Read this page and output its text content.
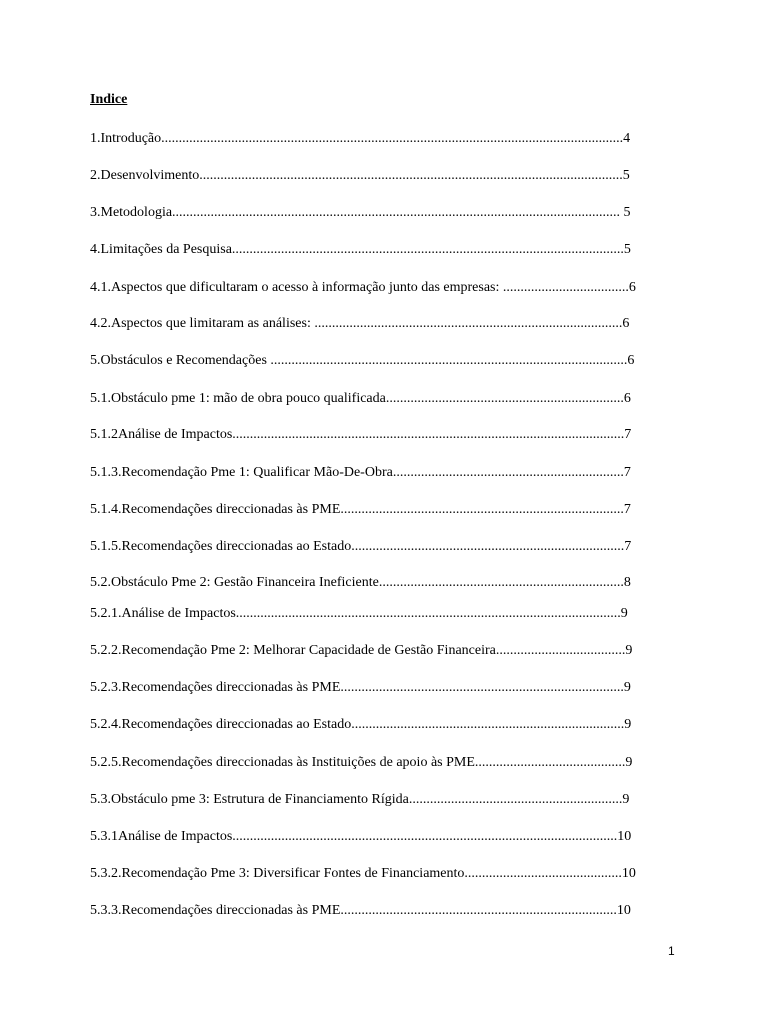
Indice
1.Introdução....................................................................................................................................4
2.Desenvolvimento.........................................................................................................................5
3.Metodologia................................................................................................................................ 5
4.Limitações da Pesquisa................................................................................................................5
4.1.Aspectos que dificultaram o acesso à informação junto das empresas: ....................................6
4.2.Aspectos que limitaram as análises: ........................................................................................6
5.Obstáculos e Recomendações ......................................................................................................6
5.1.Obstáculo pme 1: mão de obra pouco qualificada....................................................................6
5.1.2Análise de Impactos................................................................................................................7
5.1.3.Recomendação Pme 1: Qualificar Mão-De-Obra..................................................................7
5.1.4.Recomendações direccionadas às PME.................................................................................7
5.1.5.Recomendações direccionadas ao Estado..............................................................................7
5.2.Obstáculo Pme 2: Gestão Financeira Ineficiente......................................................................8
5.2.1.Análise de Impactos..............................................................................................................9
5.2.2.Recomendação Pme 2: Melhorar Capacidade de Gestão Financeira.....................................9
5.2.3.Recomendações direccionadas às PME.................................................................................9
5.2.4.Recomendações direccionadas ao Estado..............................................................................9
5.2.5.Recomendações direccionadas às Instituições de apoio às PME...........................................9
5.3.Obstáculo pme 3: Estrutura de Financiamento Rígida.............................................................9
5.3.1Análise de Impactos..............................................................................................................10
5.3.2.Recomendação Pme 3: Diversificar Fontes de Financiamento.............................................10
5.3.3.Recomendações direccionadas às PME...............................................................................10
1
